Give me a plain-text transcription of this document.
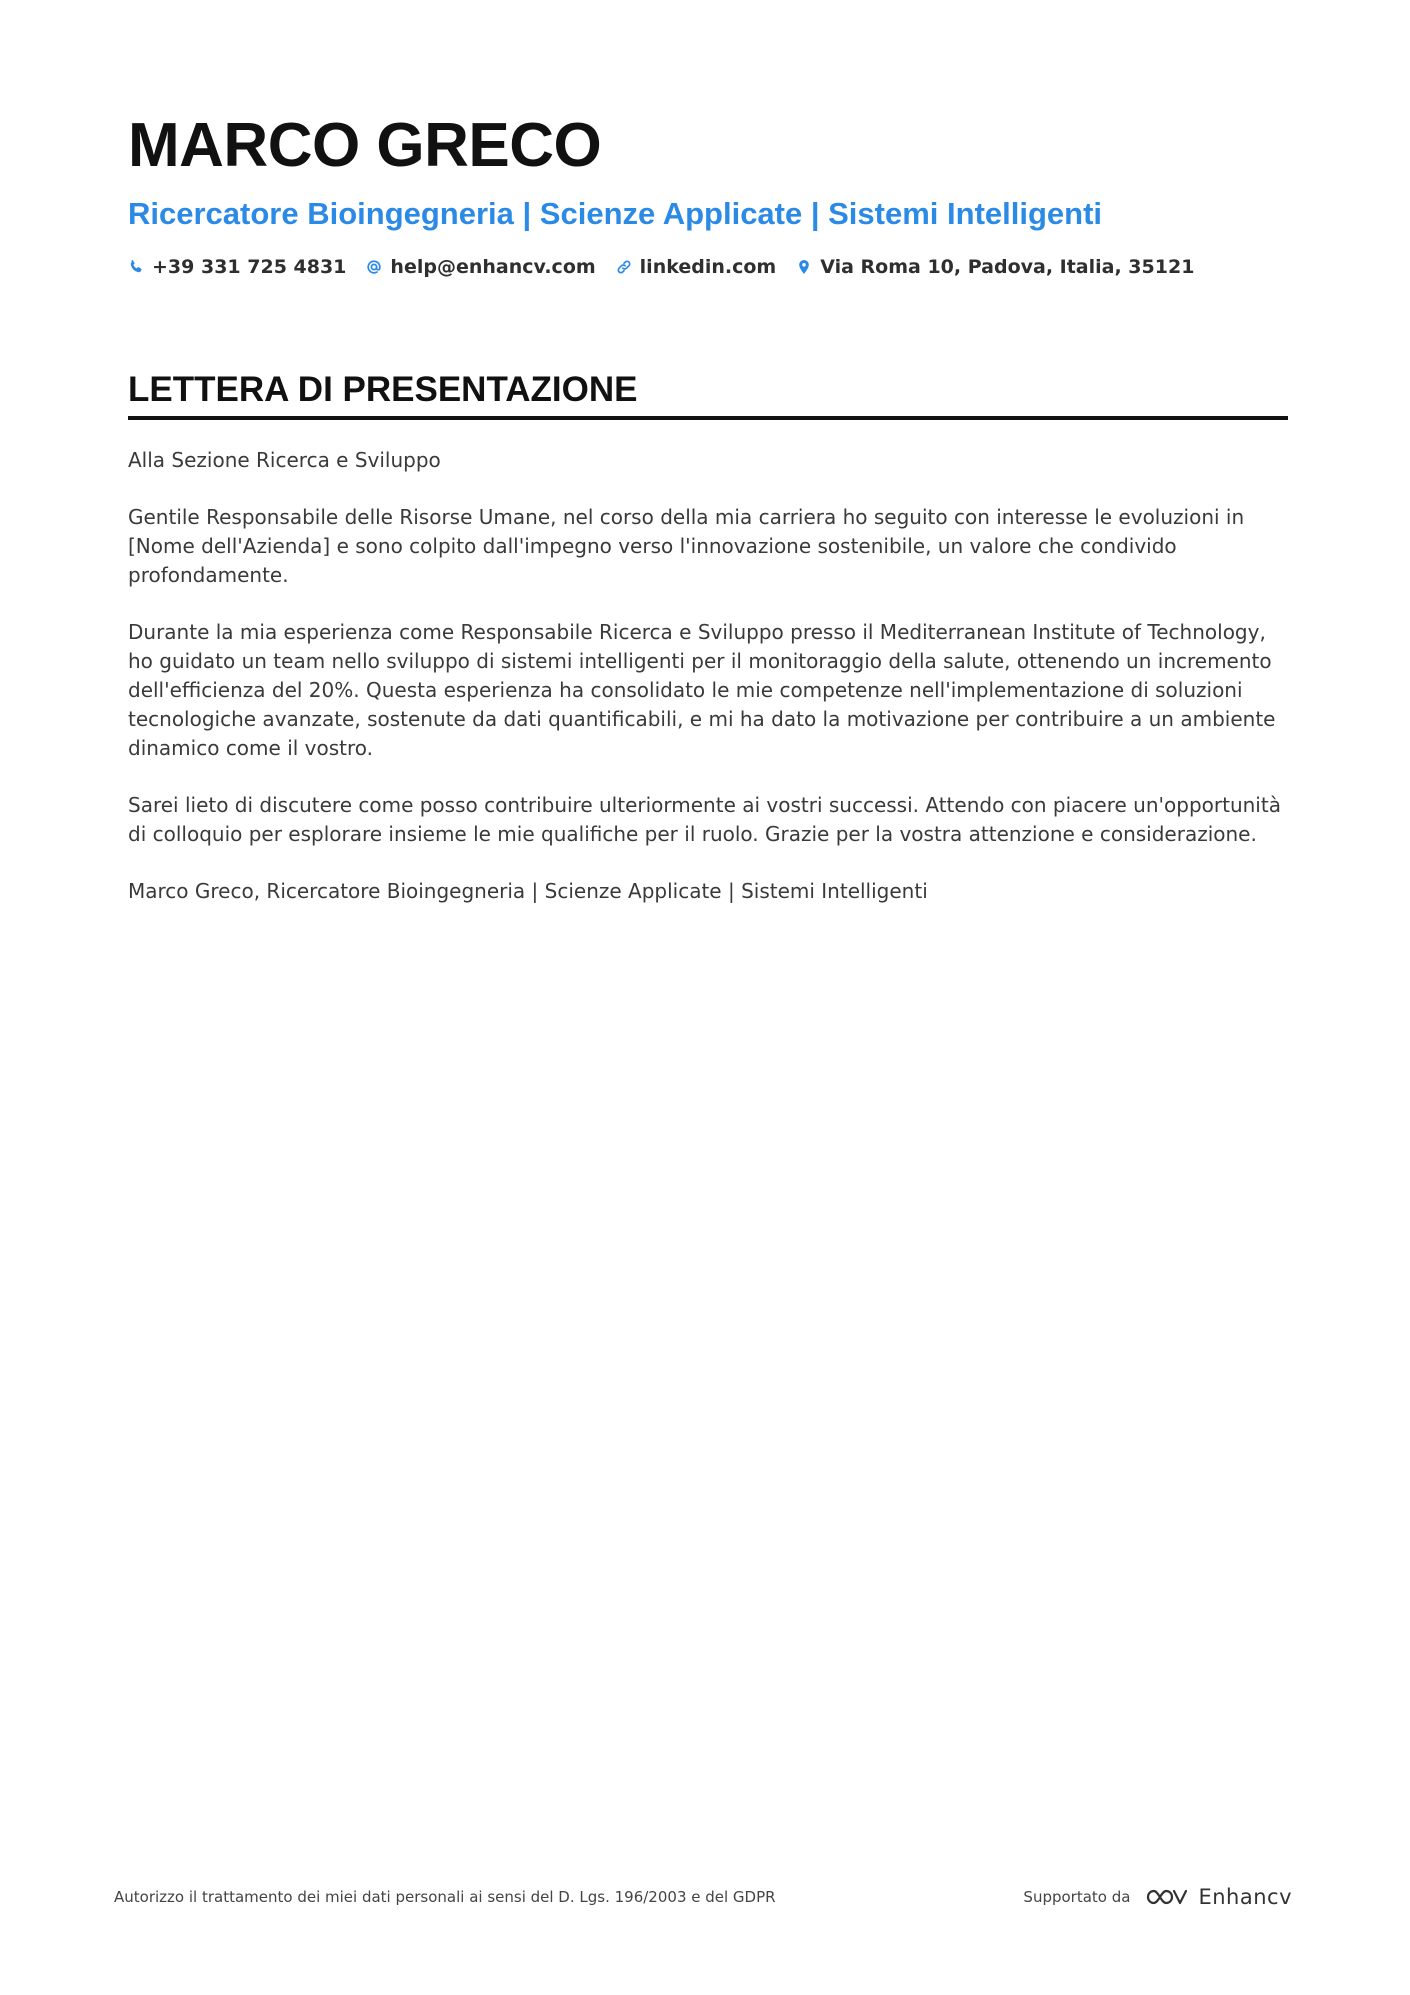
MARCO GRECO
Ricercatore Bioingegneria | Scienze Applicate | Sistemi Intelligenti
+39 331 725 4831 help@enhancv.com linkedin.com Via Roma 10, Padova, Italia, 35121
LETTERA DI PRESENTAZIONE

Alla Sezione Ricerca e Sviluppo

Gentile Responsabile delle Risorse Umane, nel corso della mia carriera ho seguito con interesse le evoluzioni in [Nome dell'Azienda] e sono colpito dall'impegno verso l'innovazione sostenibile, un valore che condivido profondamente.

Durante la mia esperienza come Responsabile Ricerca e Sviluppo presso il Mediterranean Institute of Technology, ho guidato un team nello sviluppo di sistemi intelligenti per il monitoraggio della salute, ottenendo un incremento dell'efficienza del 20%. Questa esperienza ha consolidato le mie competenze nell'implementazione di soluzioni tecnologiche avanzate, sostenute da dati quantificabili, e mi ha dato la motivazione per contribuire a un ambiente dinamico come il vostro.

Sarei lieto di discutere come posso contribuire ulteriormente ai vostri successi. Attendo con piacere un'opportunità di colloquio per esplorare insieme le mie qualifiche per il ruolo. Grazie per la vostra attenzione e considerazione.

Marco Greco, Ricercatore Bioingegneria | Scienze Applicate | Sistemi Intelligenti

Autorizzo il trattamento dei miei dati personali ai sensi del D. Lgs. 196/2003 e del GDPR	Supportato da	Enhancv
